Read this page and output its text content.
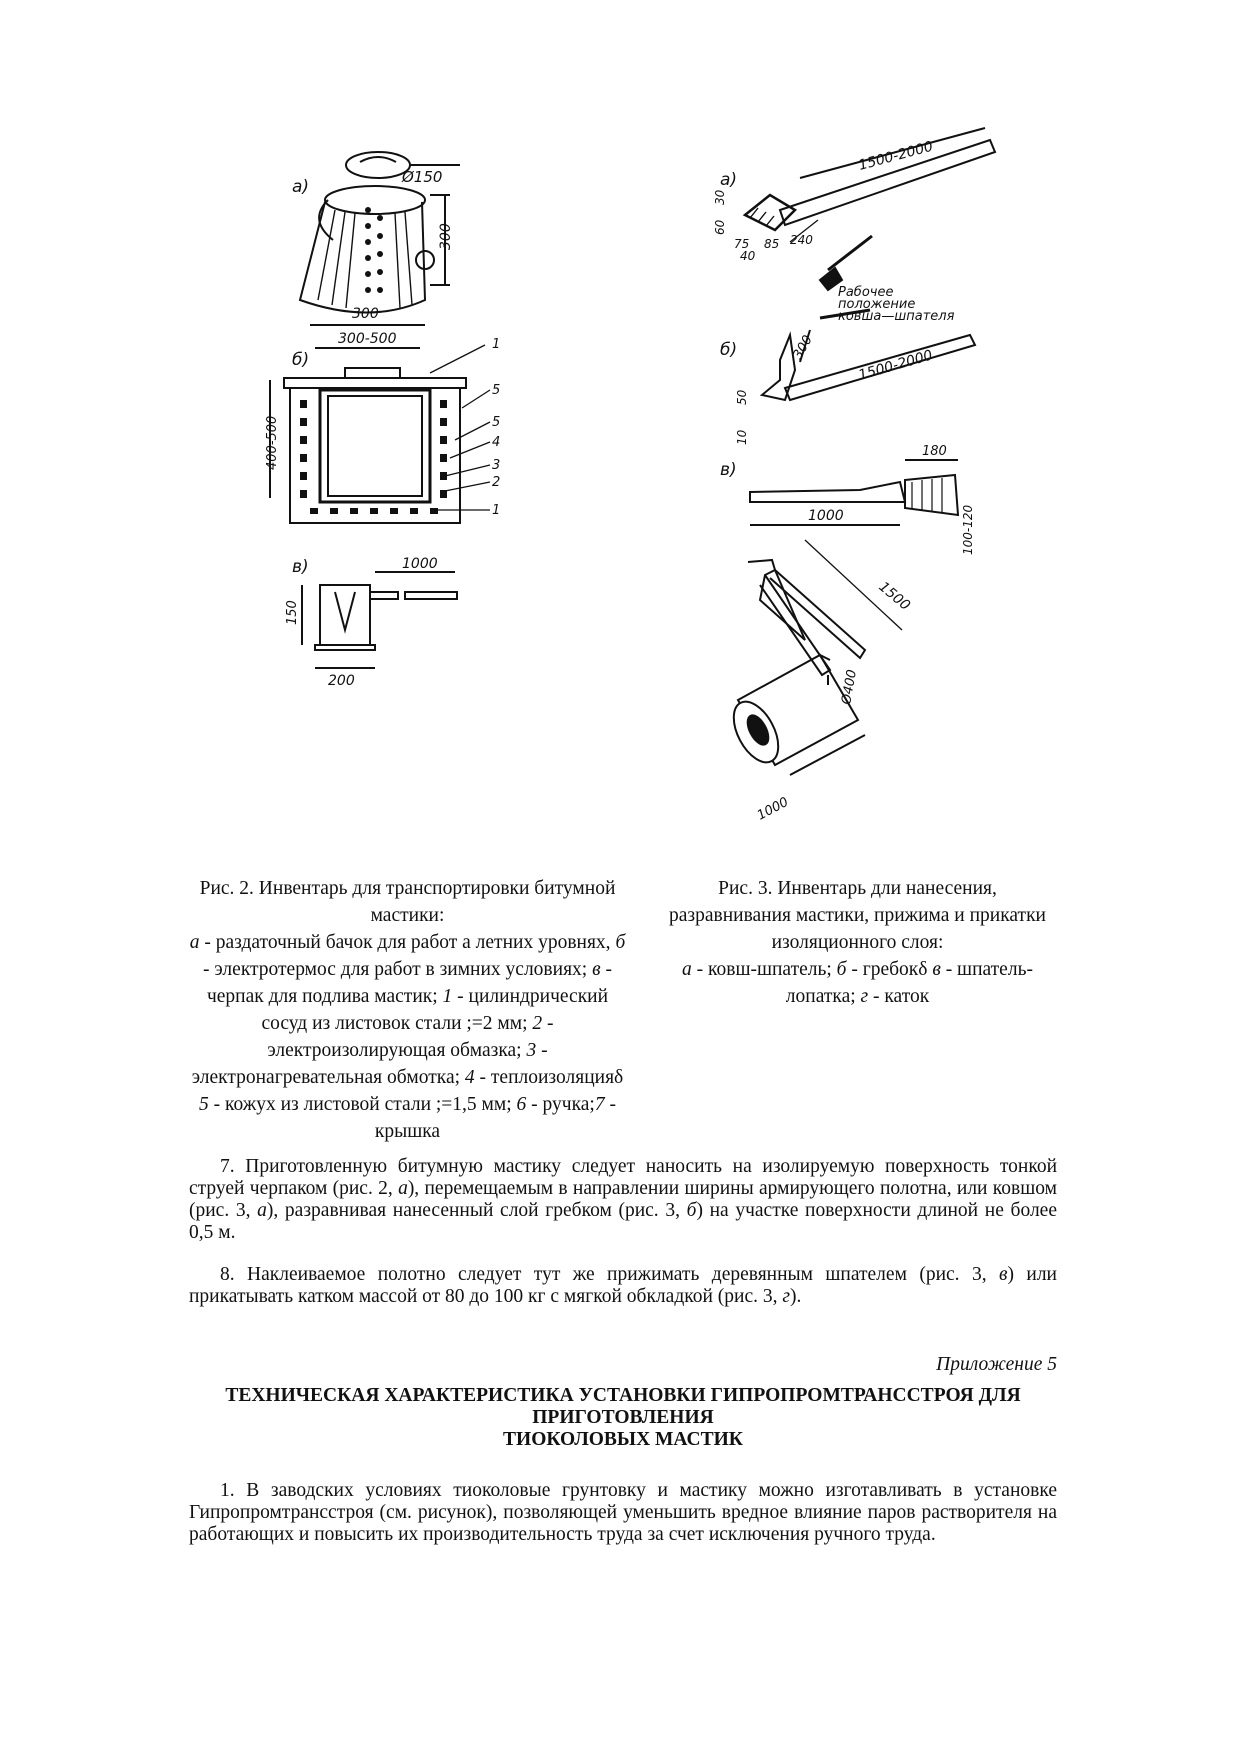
а)	Ø150
300
300
б)
300-500
400-500
1
5
5
4
3
2
1
в)	1000
150
200
а)
1500-2000
30
60
75
40
85 240
Рабочее
положение
ковша—шпателя
б)	300	1500-2000
50
10
в)
180
1000	100-120
1500
Ø400
1000

Рис. 2. Инвентарь для транспортировки битумной мастики:
а - раздаточный бачок для работ а летних уровнях, б - электротермос для работ в зимних условиях; в - черпак для подлива мастик; 1 - цилиндрический сосуд из листовок стали ;=2 мм; 2 - электроизолирующая обмазка; 3 - электронагревательная обмотка; 4 - теплоизоляцияδ 5 - кожух из листовой стали ;=1,5 мм; 6 - ручка;7 - крышка

Рис. 3. Инвентарь дли нанесения, разравнивания мастики, прижима и прикатки изоляционного слоя:
а - ковш-шпатель; б - гребокδ в - шпатель-лопатка; г - каток

7. Приготовленную битумную мастику следует наносить на изолируемую поверхность тонкой струей черпаком (рис. 2, а), перемещаемым в направлении ширины армирующего полотна, или ковшом (рис. 3, а), разравнивая нанесенный слой гребком (рис. 3, б) на участке поверхности длиной не более 0,5 м.

8. Наклеиваемое полотно следует тут же прижимать деревянным шпателем (рис. 3, в) или прикатывать катком массой от 80 до 100 кг с мягкой обкладкой (рис. 3, г).

Приложение 5

ТЕХНИЧЕСКАЯ ХАРАКТЕРИСТИКА УСТАНОВКИ ГИПРОПРОМТРАНССТРОЯ ДЛЯ
ПРИГОТОВЛЕНИЯ
ТИОКОЛОВЫХ МАСТИК

1. В заводских условиях тиоколовые грунтовку и мастику можно изготавливать в установке Гипропромтрансстроя (см. рисунок), позволяющей уменьшить вредное влияние паров растворителя на работающих и повысить их производительность труда за счет исключения ручного труда.
